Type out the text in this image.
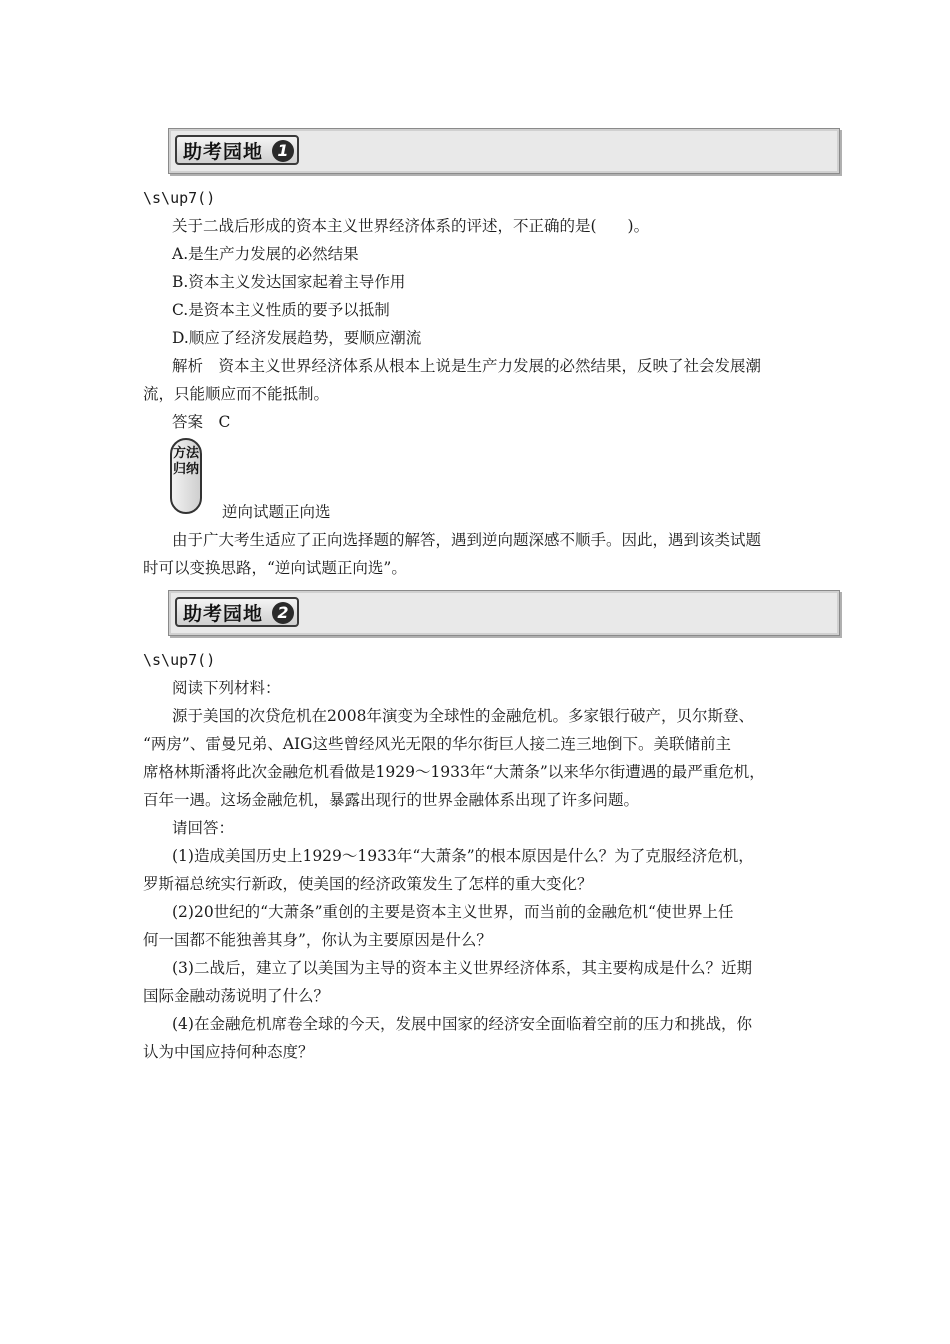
助考园地 1
\s\up7()
关于二战后形成的资本主义世界经济体系的评述，不正确的是(　　)。
A.是生产力发展的必然结果
B.资本主义发达国家起着主导作用
C.是资本主义性质的要予以抵制
D.顺应了经济发展趋势，要顺应潮流
解析　资本主义世界经济体系从根本上说是生产力发展的必然结果，反映了社会发展潮
流，只能顺应而不能抵制。
答案　C
方法归纳
逆向试题正向选
由于广大考生适应了正向选择题的解答，遇到逆向题深感不顺手。因此，遇到该类试题
时可以变换思路，“逆向试题正向选”。
助考园地 2
\s\up7()
阅读下列材料：
源于美国的次贷危机在2008年演变为全球性的金融危机。多家银行破产，贝尔斯登、
“两房”、雷曼兄弟、AIG这些曾经风光无限的华尔街巨人接二连三地倒下。美联储前主
席格林斯潘将此次金融危机看做是1929～1933年“大萧条”以来华尔街遭遇的最严重危机，
百年一遇。这场金融危机，暴露出现行的世界金融体系出现了许多问题。
请回答：
(1)造成美国历史上1929～1933年“大萧条”的根本原因是什么？为了克服经济危机，
罗斯福总统实行新政，使美国的经济政策发生了怎样的重大变化？
(2)20世纪的“大萧条”重创的主要是资本主义世界，而当前的金融危机“使世界上任
何一国都不能独善其身”，你认为主要原因是什么？
(3)二战后，建立了以美国为主导的资本主义世界经济体系，其主要构成是什么？近期
国际金融动荡说明了什么？
(4)在金融危机席卷全球的今天，发展中国家的经济安全面临着空前的压力和挑战，你
认为中国应持何种态度？
